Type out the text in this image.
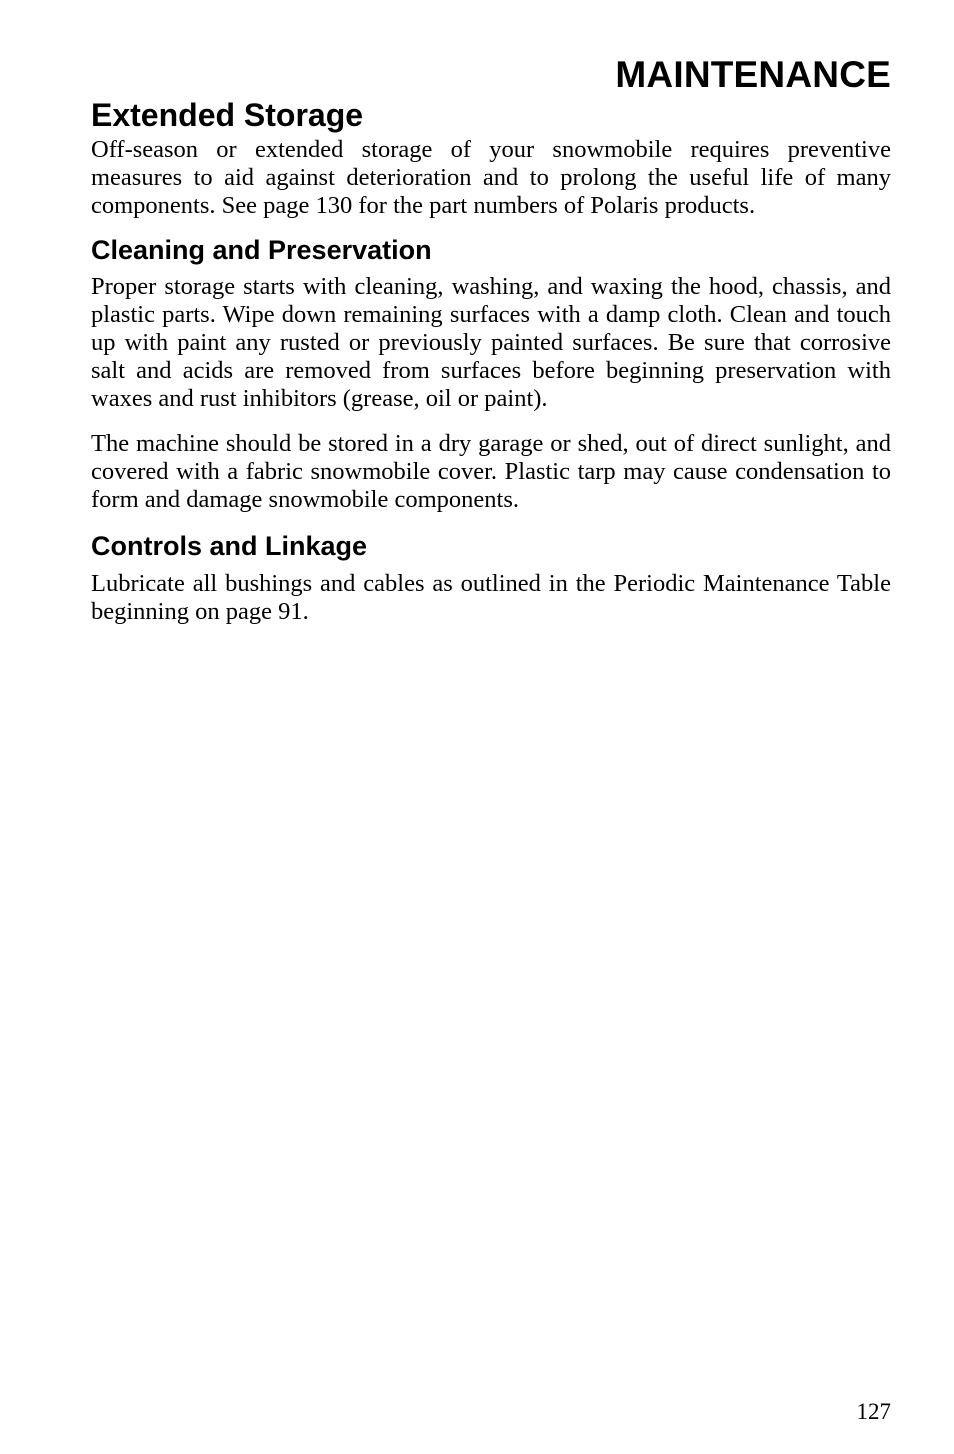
MAINTENANCE
Extended Storage

Off-season or extended storage of your snowmobile requires preventive measures to aid against deterioration and to prolong the useful life of many components. See page 130 for the part numbers of Polaris products.

Cleaning and Preservation

Proper storage starts with cleaning, washing, and waxing the hood, chassis, and plastic parts. Wipe down remaining surfaces with a damp cloth. Clean and touch up with paint any rusted or previously painted surfaces. Be sure that corrosive salt and acids are removed from surfaces before beginning preservation with waxes and rust inhibitors (grease, oil or paint).

The machine should be stored in a dry garage or shed, out of direct sunlight, and covered with a fabric snowmobile cover. Plastic tarp may cause condensation to form and damage snowmobile components.

Controls and Linkage

Lubricate all bushings and cables as outlined in the Periodic Maintenance Table beginning on page 91.

127
